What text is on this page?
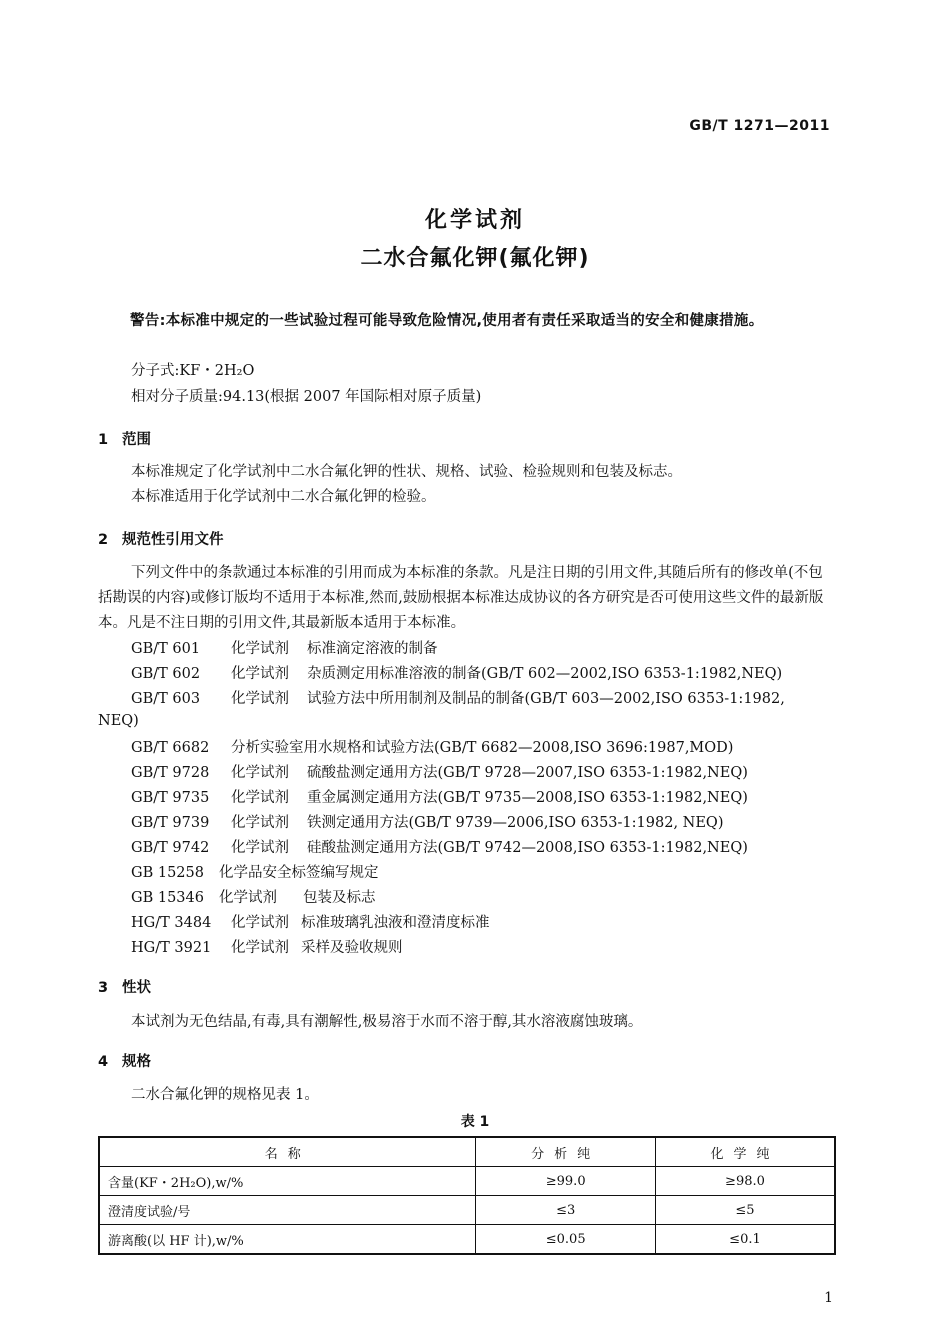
GB/T 1271—2011
化学试剂
二水合氟化钾(氟化钾)
警告:本标准中规定的一些试验过程可能导致危险情况,使用者有责任采取适当的安全和健康措施。
分子式:KF・2H₂O
相对分子质量:94.13(根据 2007 年国际相对原子质量)
1 范围
本标准规定了化学试剂中二水合氟化钾的性状、规格、试验、检验规则和包装及标志。
本标准适用于化学试剂中二水合氟化钾的检验。
2 规范性引用文件
下列文件中的条款通过本标准的引用而成为本标准的条款。凡是注日期的引用文件,其随后所有的修改单(不包括勘误的内容)或修订版均不适用于本标准,然而,鼓励根据本标准达成协议的各方研究是否可使用这些文件的最新版本。凡是不注日期的引用文件,其最新版本适用于本标准。
GB/T 601 化学试剂 标准滴定溶液的制备
GB/T 602 化学试剂 杂质测定用标准溶液的制备(GB/T 602—2002,ISO 6353-1:1982,NEQ)
GB/T 603 化学试剂 试验方法中所用制剂及制品的制备(GB/T 603—2002,ISO 6353-1:1982,
NEQ)
GB/T 6682 分析实验室用水规格和试验方法(GB/T 6682—2008,ISO 3696:1987,MOD)
GB/T 9728 化学试剂 硫酸盐测定通用方法(GB/T 9728—2007,ISO 6353-1:1982,NEQ)
GB/T 9735 化学试剂 重金属测定通用方法(GB/T 9735—2008,ISO 6353-1:1982,NEQ)
GB/T 9739 化学试剂 铁测定通用方法(GB/T 9739—2006,ISO 6353-1:1982, NEQ)
GB/T 9742 化学试剂 硅酸盐测定通用方法(GB/T 9742—2008,ISO 6353-1:1982,NEQ)
GB 15258 化学品安全标签编写规定
GB 15346 化学试剂 包装及标志
HG/T 3484 化学试剂 标准玻璃乳浊液和澄清度标准
HG/T 3921 化学试剂 采样及验收规则
3 性状
本试剂为无色结晶,有毒,具有潮解性,极易溶于水而不溶于醇,其水溶液腐蚀玻璃。
4 规格
二水合氟化钾的规格见表 1。
表 1
名称	分析纯	化学纯
含量(KF・2H₂O),w/%	≥99.0	≥98.0
澄清度试验/号	≤3	≤5
游离酸(以 HF 计),w/%	≤0.05	≤0.1
1
